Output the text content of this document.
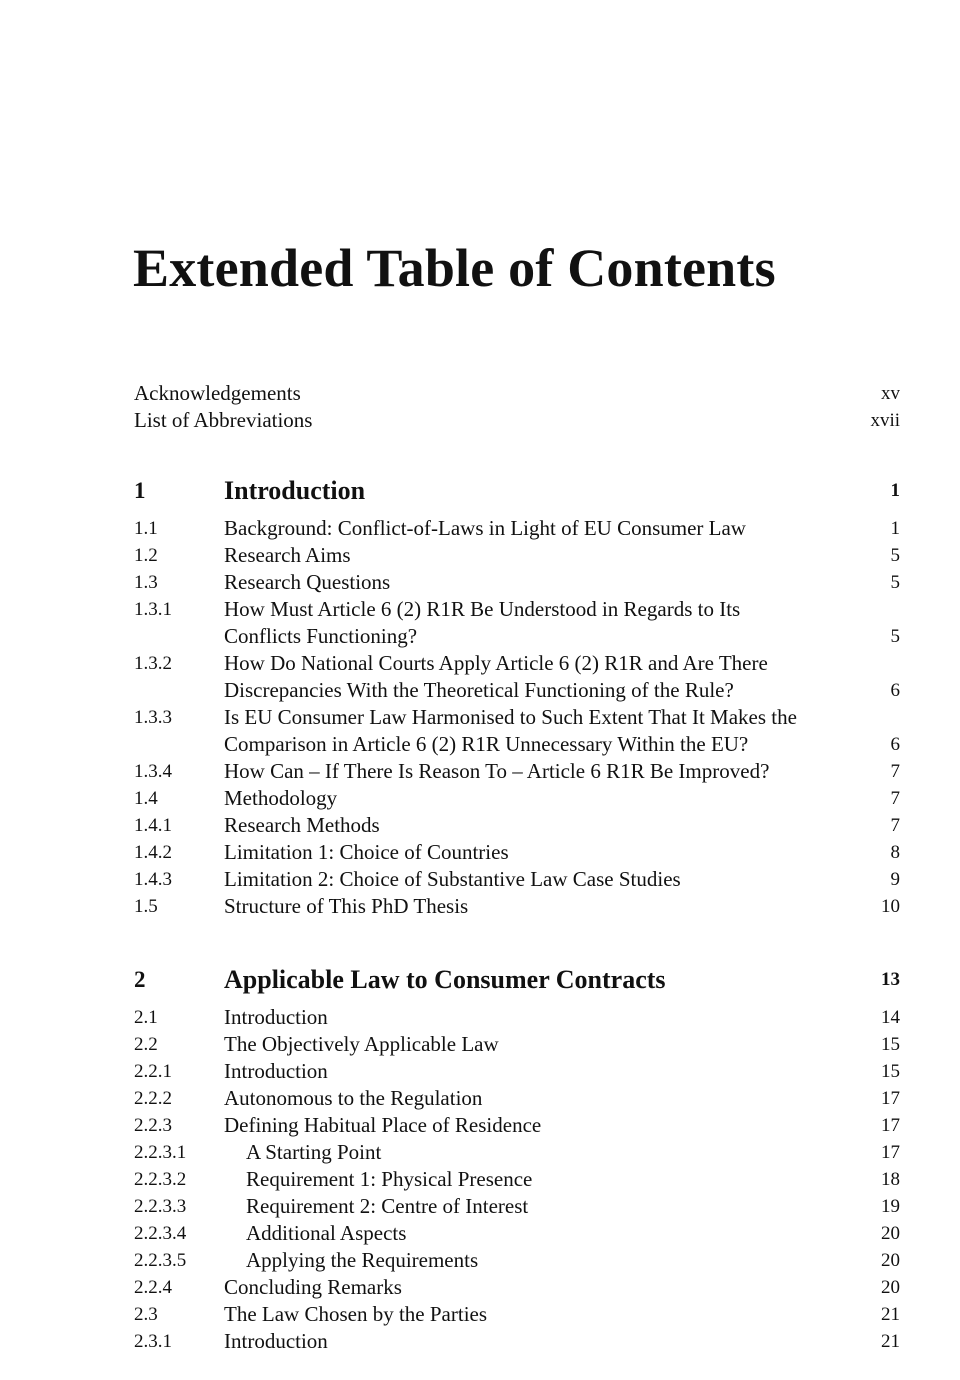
Extended Table of Contents
Acknowledgements	xv
List of Abbreviations	xvii
1	Introduction	1
1.1	Background: Conflict-of-Laws in Light of EU Consumer Law	1
1.2	Research Aims	5
1.3	Research Questions	5
1.3.1 How Must Article 6 (2) R1R Be Understood in Regards to Its Conflicts Functioning?	5
1.3.2 How Do National Courts Apply Article 6 (2) R1R and Are There Discrepancies With the Theoretical Functioning of the Rule?	6
1.3.3 Is EU Consumer Law Harmonised to Such Extent That It Makes the Comparison in Article 6 (2) R1R Unnecessary Within the EU?	6
1.3.4 How Can – If There Is Reason To – Article 6 R1R Be Improved?	7
1.4	Methodology	7
1.4.1 Research Methods	7
1.4.2 Limitation 1: Choice of Countries	8
1.4.3 Limitation 2: Choice of Substantive Law Case Studies	9
1.5	Structure of This PhD Thesis	10
2	Applicable Law to Consumer Contracts	13
2.1	Introduction	14
2.2	The Objectively Applicable Law	15
2.2.1 Introduction	15
2.2.2 Autonomous to the Regulation	17
2.2.3 Defining Habitual Place of Residence	17
2.2.3.1	A Starting Point	17
2.2.3.2	Requirement 1: Physical Presence	18
2.2.3.3	Requirement 2: Centre of Interest	19
2.2.3.4	Additional Aspects	20
2.2.3.5	Applying the Requirements	20
2.2.4 Concluding Remarks	20
2.3	The Law Chosen by the Parties	21
2.3.1 Introduction	21
